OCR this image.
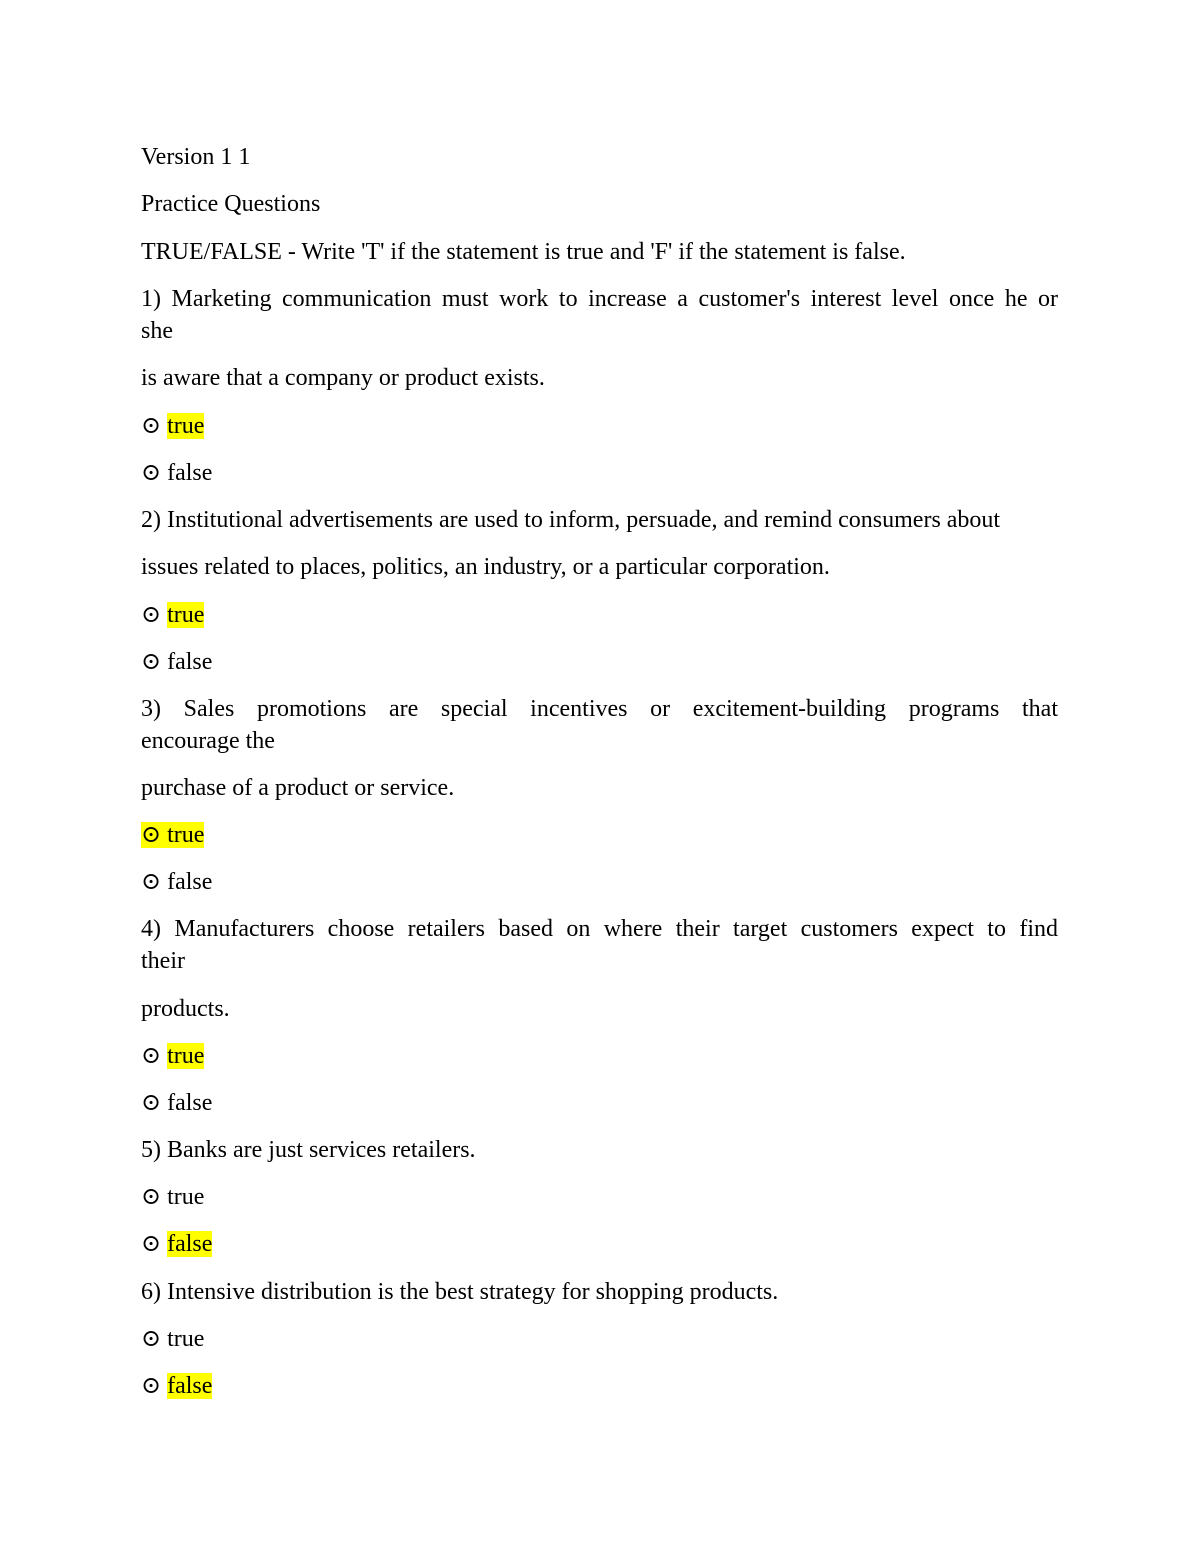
Version 1 1
Practice Questions
TRUE/FALSE - Write 'T' if the statement is true and 'F' if the statement is false.
1) Marketing communication must work to increase a customer's interest level once he or
she
is aware that a company or product exists.
⊙ true
⊙ false
2) Institutional advertisements are used to inform, persuade, and remind consumers about
issues related to places, politics, an industry, or a particular corporation.
⊙ true
⊙ false
3) Sales promotions are special incentives or excitement-building programs that
encourage the
purchase of a product or service.
⊙ true
⊙ false
4) Manufacturers choose retailers based on where their target customers expect to find
their
products.
⊙ true
⊙ false
5) Banks are just services retailers.
⊙ true
⊙ false
6) Intensive distribution is the best strategy for shopping products.
⊙ true
⊙ false
